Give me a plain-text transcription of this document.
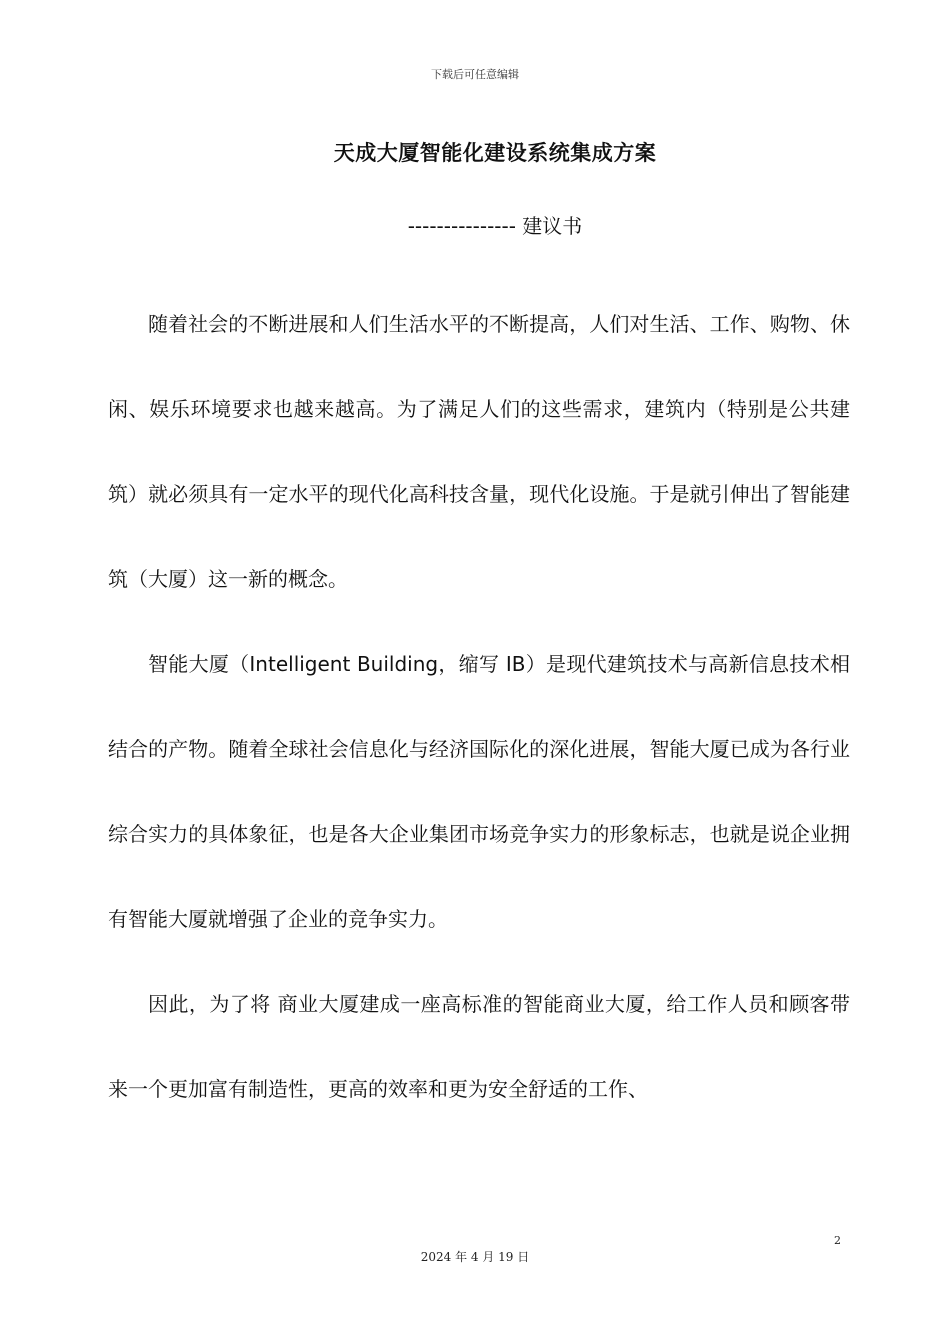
下载后可任意编辑
天成大厦智能化建设系统集成方案
--------------- 建议书

随着社会的不断进展和人们生活水平的不断提高，人们对生活、工作、购物、休闲、娱乐环境要求也越来越高。为了满足人们的这些需求，建筑内（特别是公共建筑）就必须具有一定水平的现代化高科技含量，现代化设施。于是就引伸出了智能建筑（大厦）这一新的概念。

智能大厦（Intelligent Building，缩写 IB）是现代建筑技术与高新信息技术相结合的产物。随着全球社会信息化与经济国际化的深化进展，智能大厦已成为各行业综合实力的具体象征，也是各大企业集团市场竞争实力的形象标志，也就是说企业拥有智能大厦就增强了企业的竞争实力。

因此，为了将 商业大厦建成一座高标准的智能商业大厦，给工作人员和顾客带来一个更加富有制造性，更高的效率和更为安全舒适的工作、

2
2024 年 4 月 19 日
